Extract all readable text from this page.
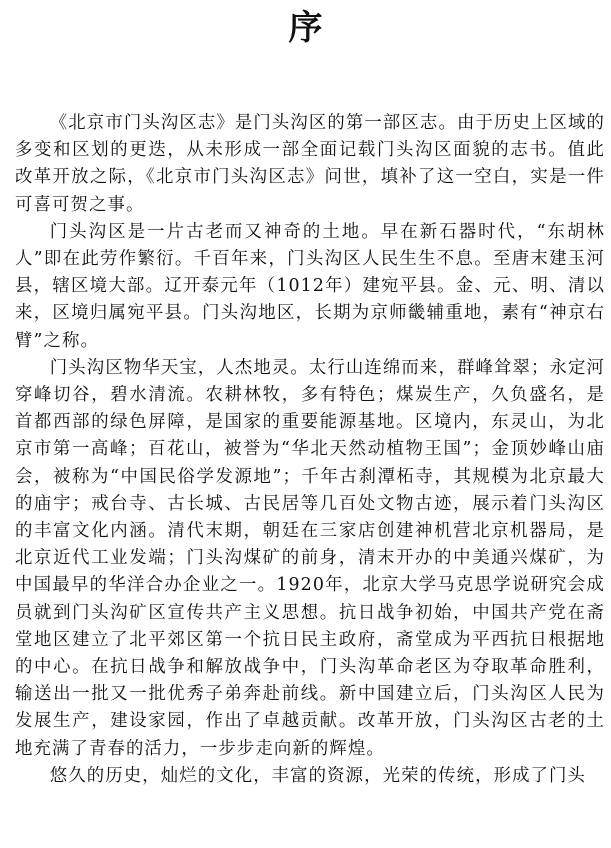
序

《北京市门头沟区志》是门头沟区的第一部区志。由于历史上区域的多变和区划的更迭，从未形成一部全面记载门头沟区面貌的志书。值此改革开放之际，《北京市门头沟区志》问世，填补了这一空白，实是一件可喜可贺之事。

门头沟区是一片古老而又神奇的土地。早在新石器时代，“东胡林人”即在此劳作繁衍。千百年来，门头沟区人民生生不息。至唐末建玉河县，辖区境大部。辽开泰元年（1012年）建宛平县。金、元、明、清以来，区境归属宛平县。门头沟地区，长期为京师畿辅重地，素有“神京右臂”之称。

门头沟区物华天宝，人杰地灵。太行山连绵而来，群峰耸翠；永定河穿峰切谷，碧水清流。农耕林牧，多有特色；煤炭生产，久负盛名，是首都西部的绿色屏障，是国家的重要能源基地。区境内，东灵山，为北京市第一高峰；百花山，被誉为“华北天然动植物王国”；金顶妙峰山庙会，被称为“中国民俗学发源地”；千年古刹潭柘寺，其规模为北京最大的庙宇；戒台寺、古长城、古民居等几百处文物古迹，展示着门头沟区的丰富文化内涵。清代末期，朝廷在三家店创建神机营北京机器局，是北京近代工业发端；门头沟煤矿的前身，清末开办的中美通兴煤矿，为中国最早的华洋合办企业之一。1920年，北京大学马克思学说研究会成员就到门头沟矿区宣传共产主义思想。抗日战争初始，中国共产党在斋堂地区建立了北平郊区第一个抗日民主政府，斋堂成为平西抗日根据地的中心。在抗日战争和解放战争中，门头沟革命老区为夺取革命胜利，输送出一批又一批优秀子弟奔赴前线。新中国建立后，门头沟区人民为发展生产，建设家园，作出了卓越贡献。改革开放，门头沟区古老的土地充满了青春的活力，一步步走向新的辉煌。

悠久的历史，灿烂的文化，丰富的资源，光荣的传统，形成了门头
